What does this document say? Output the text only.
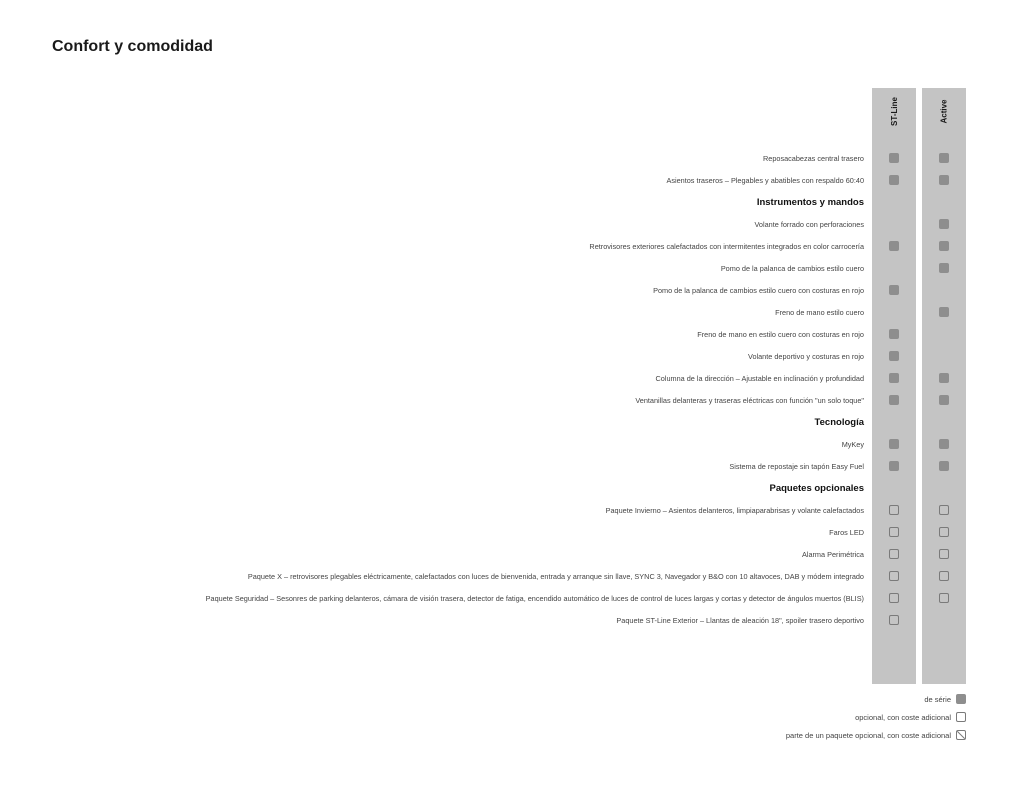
Confort y comodidad
ST-Line	Active
Reposacabezas central trasero
Asientos traseros – Plegables y abatibles con respaldo 60:40
Instrumentos y mandos
Volante forrado con perforaciones
Retrovisores exteriores calefactados con intermitentes integrados en color carrocería
Pomo de la palanca de cambios estilo cuero
Pomo de la palanca de cambios estilo cuero con costuras en rojo
Freno de mano estilo cuero
Freno de mano en estilo cuero con costuras en rojo
Volante deportivo y costuras en rojo
Columna de la dirección – Ajustable en inclinación y profundidad
Ventanillas delanteras y traseras eléctricas con función "un solo toque"
Tecnología
MyKey
Sistema de repostaje sin tapón Easy Fuel
Paquetes opcionales
Paquete Invierno – Asientos delanteros, limpiaparabrisas y volante calefactados
Faros LED
Alarma Perimétrica
Paquete X – retrovisores plegables eléctricamente, calefactados con luces de bienvenida, entrada y arranque sin llave, SYNC 3, Navegador y B&O con 10 altavoces, DAB y módem integrado
Paquete Seguridad – Sesonres de parking delanteros, cámara de visión trasera, detector de fatiga, encendido automático de luces de control de luces largas y cortas y detector de ángulos muertos (BLIS)
Paquete ST-Line Exterior – Llantas de aleación 18", spoiler trasero deportivo
de série
opcional, con coste adicional
parte de un paquete opcional, con coste adicional
